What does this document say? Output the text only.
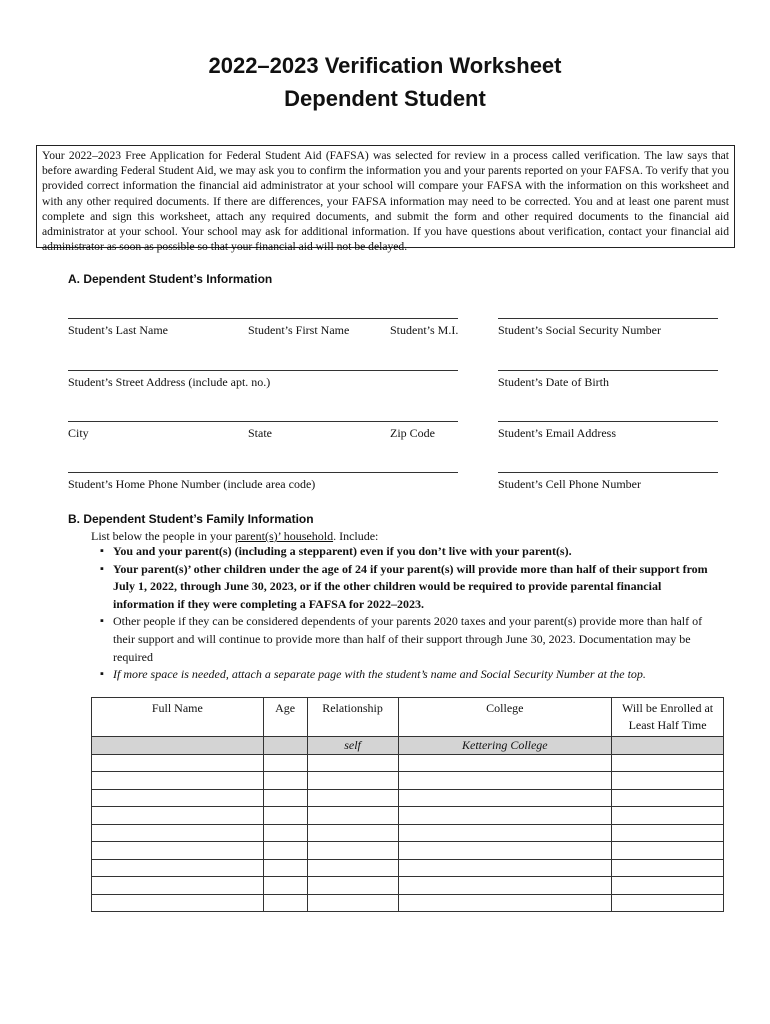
2022–2023 Verification Worksheet
Dependent Student
Your 2022–2023 Free Application for Federal Student Aid (FAFSA) was selected for review in a process called verification. The law says that before awarding Federal Student Aid, we may ask you to confirm the information you and your parents reported on your FAFSA. To verify that you provided correct information the financial aid administrator at your school will compare your FAFSA with the information on this worksheet and with any other required documents. If there are differences, your FAFSA information may need to be corrected. You and at least one parent must complete and sign this worksheet, attach any required documents, and submit the form and other required documents to the financial aid administrator at your school. Your school may ask for additional information. If you have questions about verification, contact your financial aid administrator as soon as possible so that your financial aid will not be delayed.
A. Dependent Student’s Information
Student’s Last Name	Student’s First Name	Student’s M.I.	Student’s Social Security Number
Student’s Street Address (include apt. no.)	Student’s Date of Birth
City	State	Zip Code	Student’s Email Address
Student’s Home Phone Number (include area code)	Student’s Cell Phone Number
B. Dependent Student’s Family Information
List below the people in your parent(s)’ household. Include:
▪ You and your parent(s) (including a stepparent) even if you don’t live with your parent(s).
▪ Your parent(s)’ other children under the age of 24 if your parent(s) will provide more than half of their support from July 1, 2022, through June 30, 2023, or if the other children would be required to provide parental financial information if they were completing a FAFSA for 2022–2023.
▪ Other people if they can be considered dependents of your parents 2020 taxes and your parent(s) provide more than half of their support and will continue to provide more than half of their support through June 30, 2023. Documentation may be required
▪ If more space is needed, attach a separate page with the student’s name and Social Security Number at the top.
Full Name	Age	Relationship	College	Will be Enrolled at Least Half Time
		self	Kettering College	
